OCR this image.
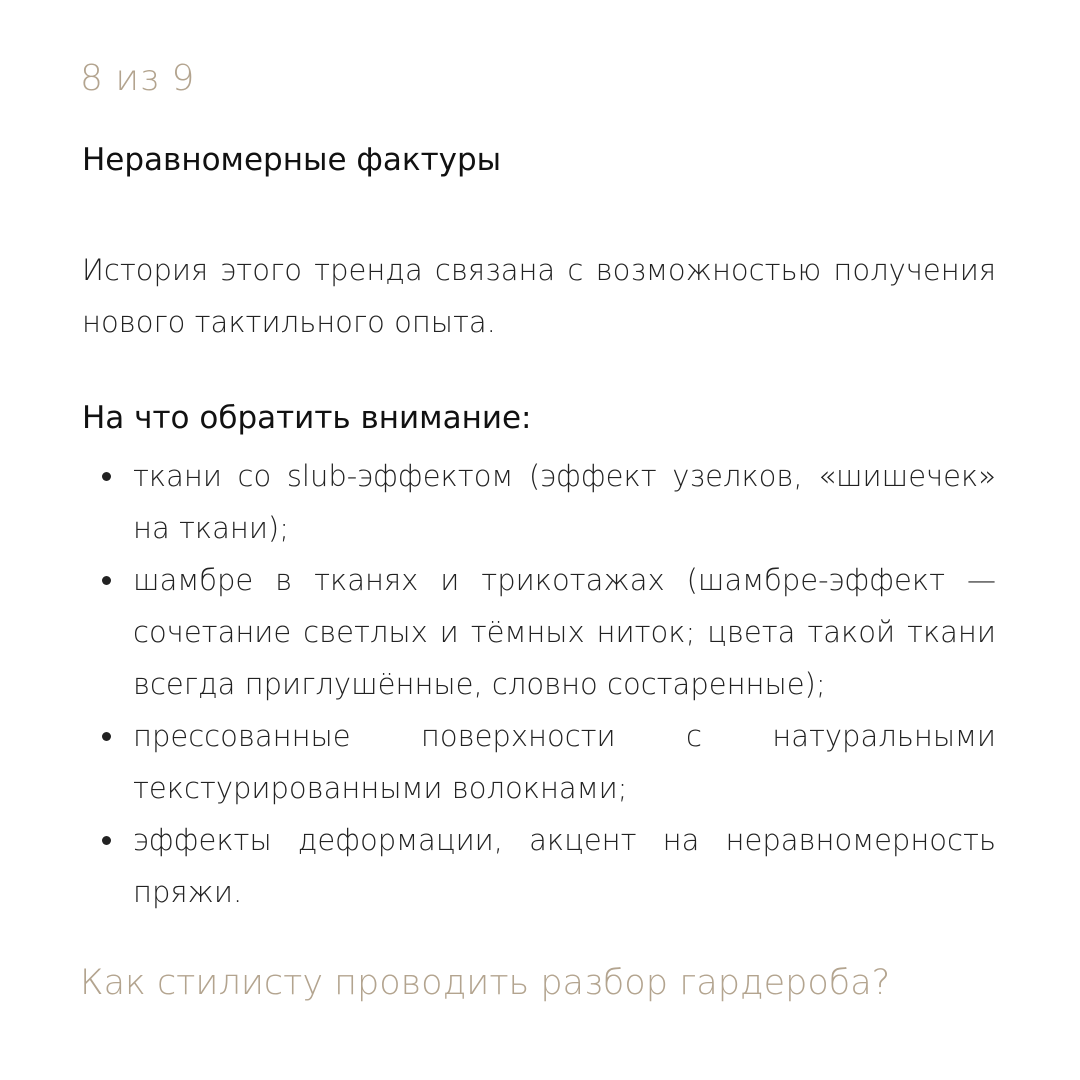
8 из 9
Неравномерные фактуры

История этого тренда связана с возможностью получения нового тактильного опыта.

На что обратить внимание:
ткани со slub-эффектом (эффект узелков, «шишечек» на ткани);
шамбре в тканях и трикотажах (шамбре-эффект — сочетание светлых и тёмных ниток; цвета такой ткани всегда приглушённые, словно состаренные);
прессованные поверхности с натуральными текстурированными волокнами;
эффекты деформации, акцент на неравномерность пряжи.
Как стилисту проводить разбор гардероба?
